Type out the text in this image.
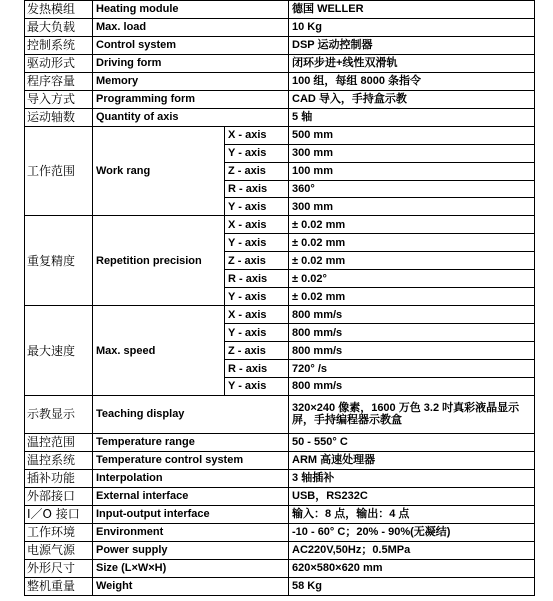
发热模组	Heating module		德国 WELLER
最大负载	Max. load		10 Kg
控制系统	Control system		DSP 运动控制器
驱动形式	Driving form		闭环步进+线性双滑轨
程序容量	Memory		100 组，每组 8000 条指令
导入方式	Programming form		CAD 导入，手持盒示教
运动轴数	Quantity of axis		5 轴
工作范围	Work rang	X - axis	500 mm
		Y - axis	300 mm
		Z - axis	100 mm
		R - axis	360°
		Y - axis	300 mm
重复精度	Repetition precision	X - axis	± 0.02 mm
		Y - axis	± 0.02 mm
		Z - axis	± 0.02 mm
		R - axis	± 0.02°
		Y - axis	± 0.02 mm
最大速度	Max. speed	X - axis	800 mm/s
		Y - axis	800 mm/s
		Z - axis	800 mm/s
		R - axis	720° /s
		Y - axis	800 mm/s
示教显示	Teaching display		320×240 像素，1600 万色 3.2 吋真彩液晶显示屏，手持编程器示教盒
温控范围	Temperature range		50 - 550° C
温控系统	Temperature control system		ARM 高速处理器
插补功能	Interpolation		3 轴插补
外部接口	External interface		USB，RS232C
I／O 接口	Input-output interface		输入：8 点，输出：4 点
工作环境	Environment		-10 - 60° C；20% - 90%(无凝结)
电源气源	Power supply		AC220V,50Hz；0.5MPa
外形尺寸	Size (L×W×H)		620×580×620 mm
整机重量	Weight		58 Kg
